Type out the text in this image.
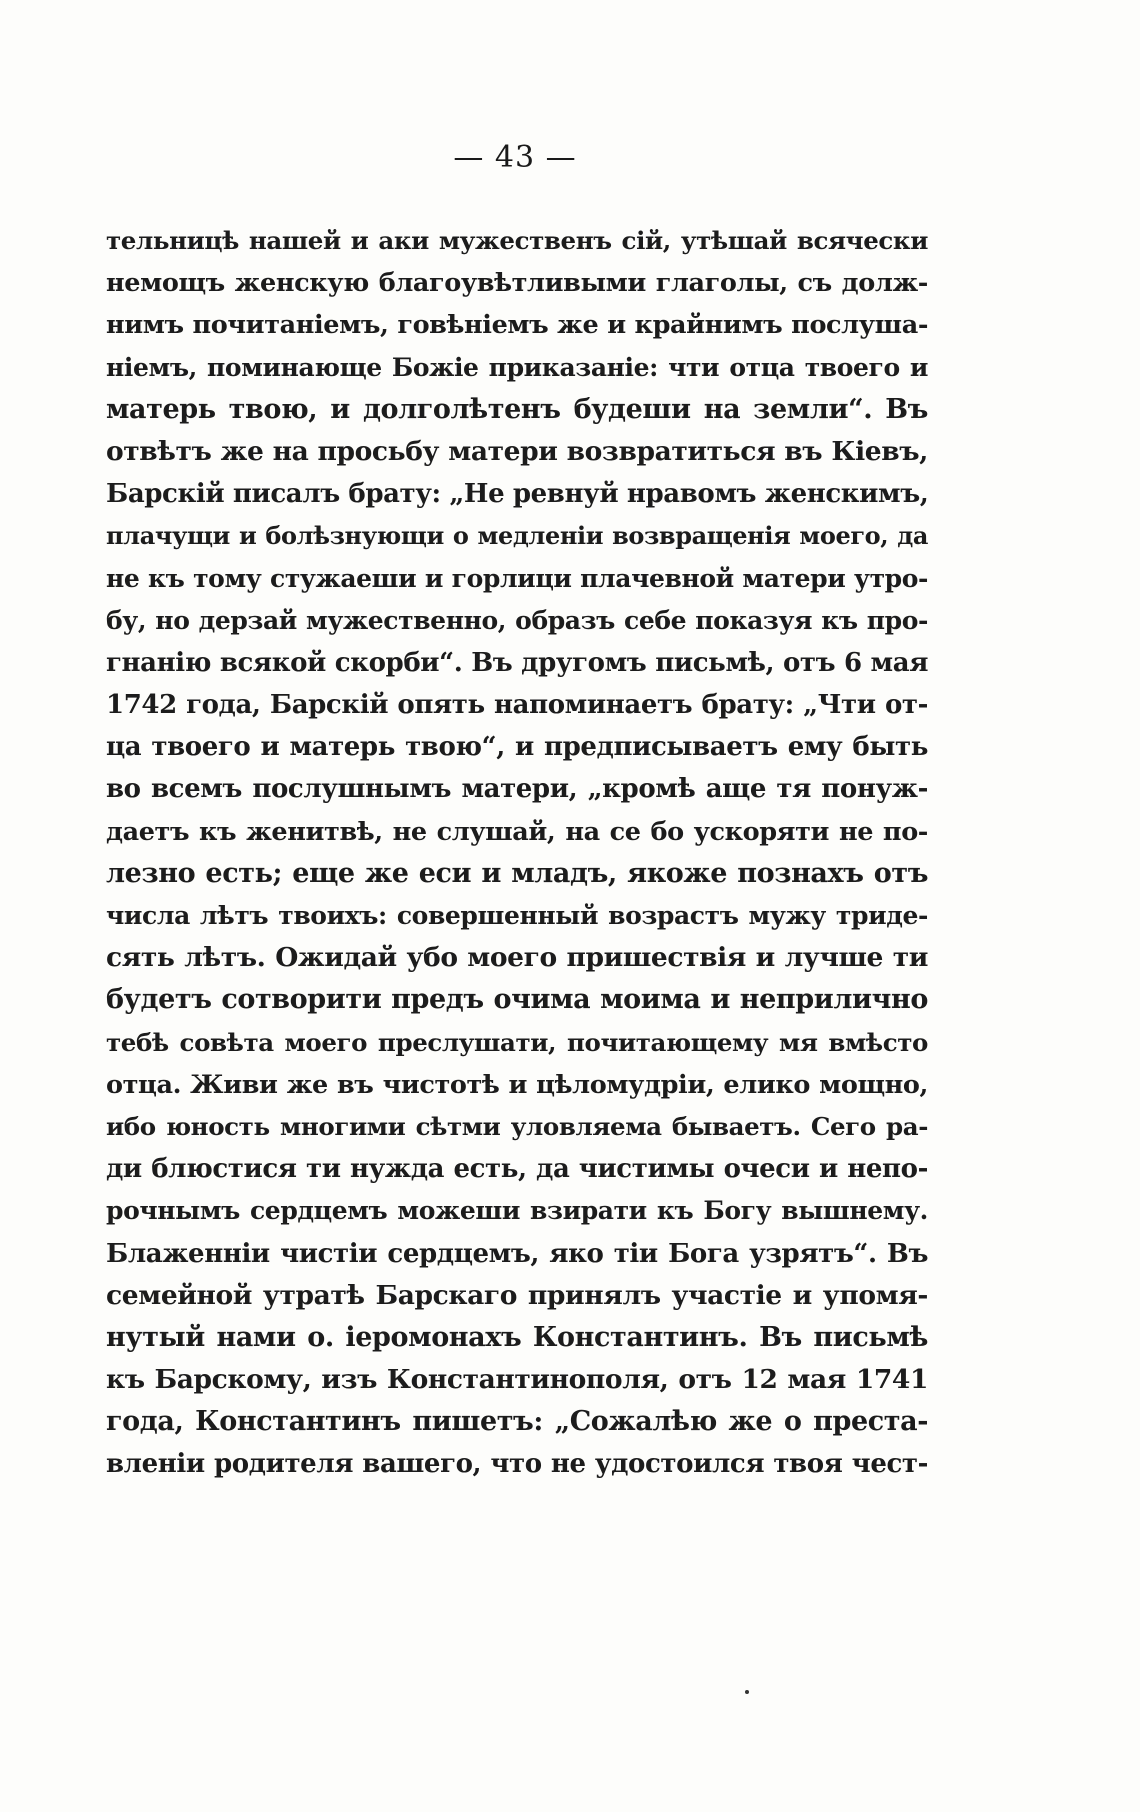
— 43 —
тельницѣ нашей и аки мужественъ сій, утѣшай всячески
немощъ женскую благоувѣтливыми глаголы, съ долж-
нимъ почитаніемъ, говѣніемъ же и крайнимъ послуша-
ніемъ, поминающе Божіе приказаніе: чти отца твоего и
матерь твою, и долголѣтенъ будеши на земли“. Въ
отвѣтъ же на просьбу матери возвратиться въ Кіевъ,
Барскій писалъ брату: „Не ревнуй нравомъ женскимъ,
плачущи и болѣзнующи о медленіи возвращенія моего, да
не къ тому стужаеши и горлици плачевной матери утро-
бу, но дерзай мужественно, образъ себе показуя къ про-
гнанію всякой скорби“. Въ другомъ письмѣ, отъ 6 мая
1742 года, Барскій опять напоминаетъ брату: „Чти от-
ца твоего и матерь твою“, и предписываетъ ему быть
во всемъ послушнымъ матери, „кромѣ аще тя понуж-
даетъ къ женитвѣ, не слушай, на се бо ускоряти не по-
лезно есть; еще же еси и младъ, якоже познахъ отъ
числа лѣтъ твоихъ: совершенный возрастъ мужу триде-
сять лѣтъ. Ожидай убо моего пришествія и лучше ти
будетъ сотворити предъ очима моима и неприлично
тебѣ совѣта моего преслушати, почитающему мя вмѣсто
отца. Живи же въ чистотѣ и цѣломудріи, елико мощно,
ибо юность многими сѣтми уловляема бываетъ. Сего ра-
ди блюстися ти нужда есть, да чистимы очеси и непо-
рочнымъ сердцемъ можеши взирати къ Богу вышнему.
Блаженніи чистіи сердцемъ, яко тіи Бога узрятъ“. Въ
семейной утратѣ Барскаго принялъ участіе и упомя-
нутый нами о. іеромонахъ Константинъ. Въ письмѣ
къ Барскому, изъ Константинополя, отъ 12 мая 1741
года, Константинъ пишетъ: „Сожалѣю же о преста-
вленіи родителя вашего, что не удостоился твоя чест-
